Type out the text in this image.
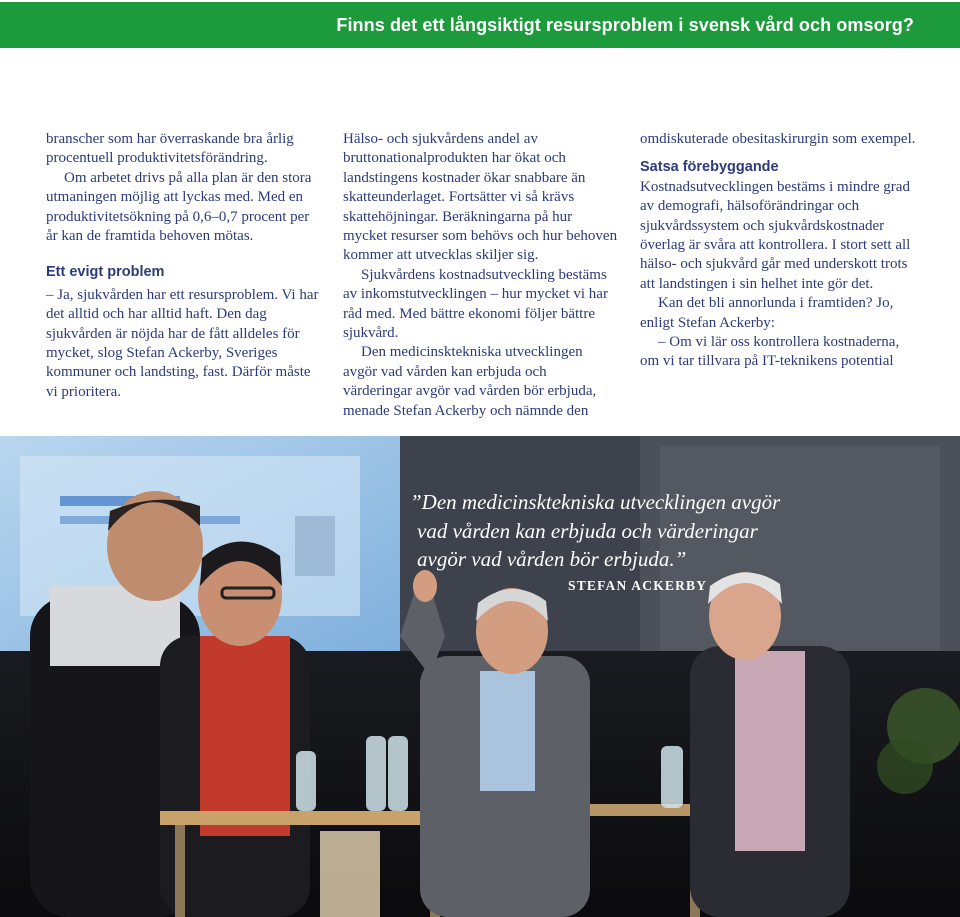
Finns det ett långsiktigt resursproblem i svensk vård och omsorg?

branscher som har överraskande bra årlig procentuell produktivitetsförändring.

Om arbetet drivs på alla plan är den stora utmaningen möjlig att lyckas med. Med en produktivitetsökning på 0,6–0,7 procent per år kan de framtida behoven mötas.

Ett evigt problem

– Ja, sjukvården har ett resursproblem. Vi har det alltid och har alltid haft. Den dag sjukvården är nöjda har de fått alldeles för mycket, slog Stefan Ackerby, Sveriges kommuner och landsting, fast. Därför måste vi prioritera.

Hälso- och sjukvårdens andel av bruttonationalprodukten har ökat och landstingens kostnader ökar snabbare än skatteunderlaget. Fortsätter vi så krävs skattehöjningar. Beräkningarna på hur mycket resurser som behövs och hur behoven kommer att utvecklas skiljer sig.

Sjukvårdens kostnadsutveckling bestäms av inkomstutvecklingen – hur mycket vi har råd med. Med bättre ekonomi följer bättre sjukvård.

Den medicinsktekniska utvecklingen avgör vad vården kan erbjuda och värderingar avgör vad vården bör erbjuda, menade Stefan Ackerby och nämnde den

omdiskuterade obesitaskirurgin som exempel.

Satsa förebyggande

Kostnadsutvecklingen bestäms i mindre grad av demografi, hälsoförändringar och sjukvårdssystem och sjukvårdskostnader överlag är svåra att kontrollera. I stort sett all hälso- och sjukvård går med underskott trots att landstingen i sin helhet inte gör det.

Kan det bli annorlunda i framtiden? Jo, enligt Stefan Ackerby:

– Om vi lär oss kontrollera kostnaderna, om vi tar tillvara på IT-teknikens potential

”Den medicinsktekniska utvecklingen avgör
vad vården kan erbjuda och värderingar
avgör vad vården bör erbjuda.”
STEFAN ACKERBY
